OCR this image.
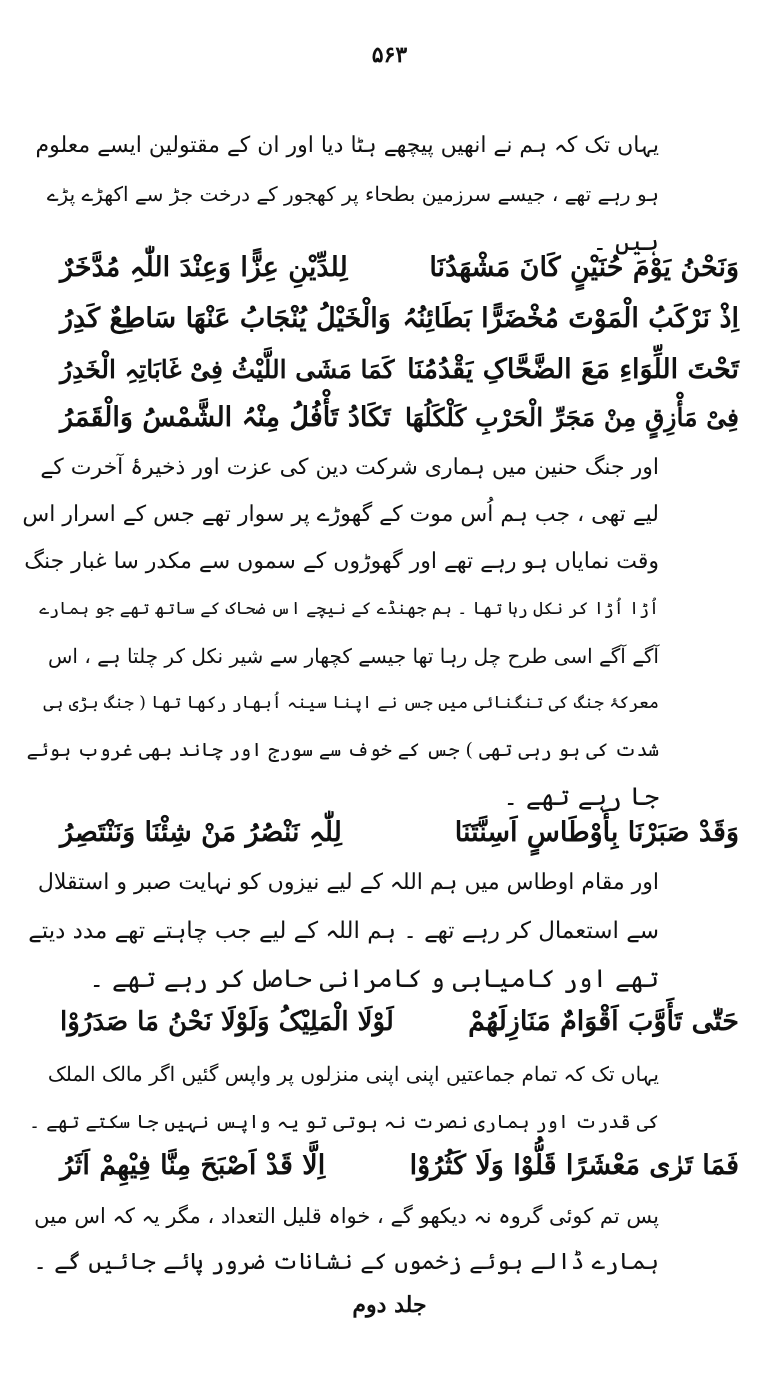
۵۶۳
یہاں تک کہ ہم نے انھیں پیچھے ہٹا دیا اور ان کے مقتولین ایسے معلوم
ہو رہے تھے ، جیسے سرزمین بطحاء پر کھجور کے درخت جڑ سے اکھڑے پڑے
ہیں ۔
وَنَحْنُ یَوْمَ حُنَیْنٍ کَانَ مَشْھَدُنَا
لِلدِّیْنِ عِزًّا وَعِنْدَ اللّٰہِ مُدَّخَرٌ
اِذْ نَرْکَبُ الْمَوْتَ مُخْضَرًّا بَطَائِنُہُ
وَالْخَیْلُ یُنْجَابُ عَنْھَا سَاطِعٌ کَدِرُ
تَحْتَ اللِّوَاءِ مَعَ الضَّحَّاکِ یَقْدُمُنَا
کَمَا مَشَی اللَّیْثُ فِیْ غَابَاتِہِ الْخَدِرُ
فِیْ مَأْزِقٍ مِنْ مَجَرِّ الْحَرْبِ کَلْکَلُھَا
تَکَادُ تَأْفُلُ مِنْہُ الشَّمْسُ وَالْقَمَرُ
اور جنگ حنین میں ہماری شرکت دین کی عزت اور ذخیرۂ آخرت کے
لیے تھی ، جب ہم اُس موت کے گھوڑے پر سوار تھے جس کے اسرار اس
وقت نمایاں ہو رہے تھے اور گھوڑوں کے سموں سے مکدر سا غبار جنگ
اُڑا اُڑا کر نکل رہا تھا ۔ ہم جھنڈے کے نیچے اس ضحاک کے ساتھ تھے جو ہمارے
آگے آگے اسی طرح چل رہا تھا جیسے کچھار سے شیر نکل کر چلتا ہے ، اس
معرکۂ جنگ کی تنگنائی میں جس نے اپنا سینہ اُبھار رکھا تھا ( جنگ بڑی ہی
شدت کی ہو رہی تھی ) جس کے خوف سے سورج اور چاند بھی غروب ہوئے
جا رہے تھے ۔
وَقَدْ صَبَرْنَا بِأَوْطَاسٍ اَسِنَّتَنَا
لِلّٰہِ نَنْصُرُ مَنْ شِئْنَا وَنَنْتَصِرُ
اور مقام اوطاس میں ہم اللہ کے لیے نیزوں کو نہایت صبر و استقلال
سے استعمال کر رہے تھے ۔ ہم اللہ کے لیے جب چاہتے تھے مدد دیتے
تھے اور کامیابی و کامرانی حاصل کر رہے تھے ۔
حَتّٰی تَأَوَّبَ اَقْوَامٌ مَنَازِلَھُمْ
لَوْلَا الْمَلِیْکُ وَلَوْلَا نَحْنُ مَا صَدَرُوْا
یہاں تک کہ تمام جماعتیں اپنی اپنی منزلوں پر واپس گئیں اگر مالک الملک
کی قدرت اور ہماری نصرت نہ ہوتی تو یہ واپس نہیں جا سکتے تھے ۔
فَمَا تَرٰی مَعْشَرًا قَلُّوْا وَلَا کَثُرُوْا
اِلَّا قَدْ اَصْبَحَ مِنَّا فِیْھِمْ اَثَرُ
پس تم کوئی گروہ نہ دیکھو گے ، خواہ قلیل التعداد ، مگر یہ کہ اس میں
ہمارے ڈالے ہوئے زخموں کے نشانات ضرور پائے جائیں گے ۔
جلد دوم
